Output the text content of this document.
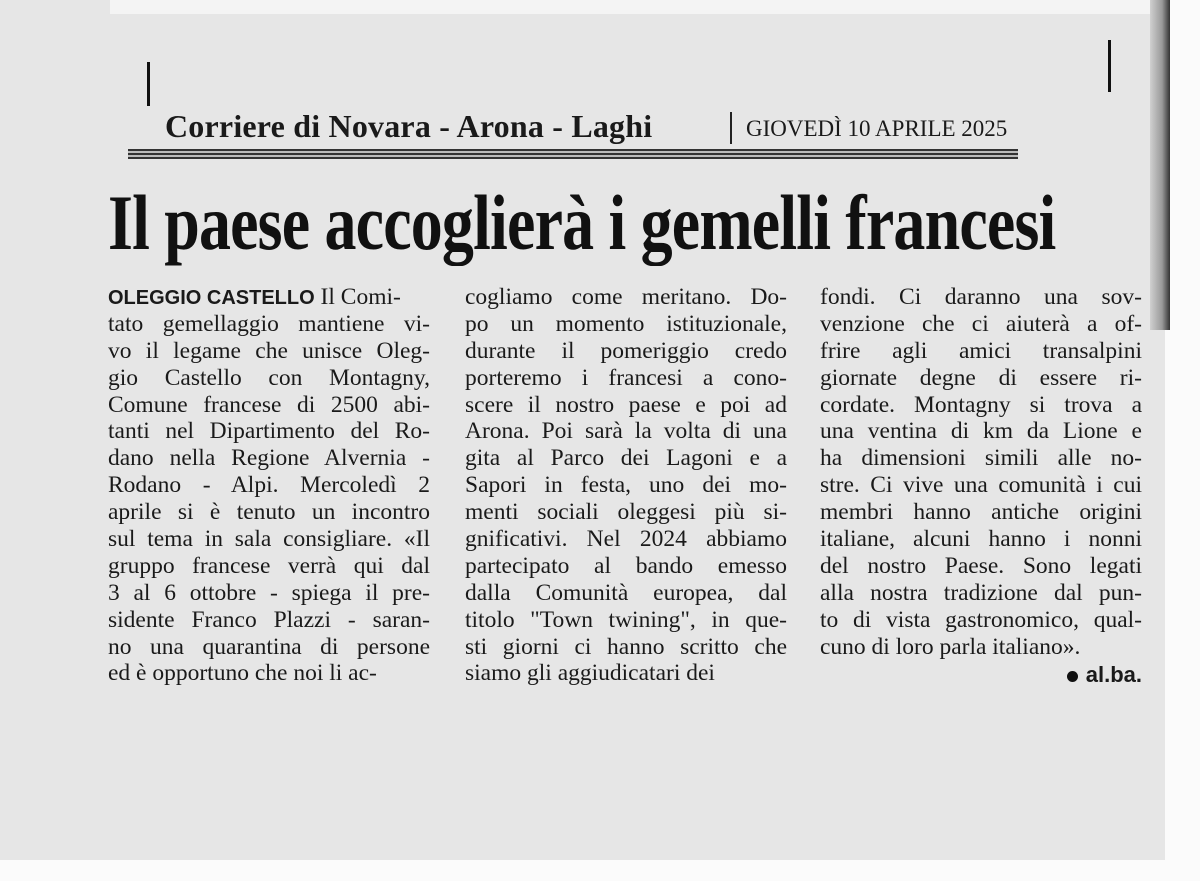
Corriere di Novara - Arona - Laghi	GIOVEDÌ 10 APRILE 2025
Il paese accoglierà i gemelli francesi
OLEGGIO CASTELLO Il Comi-
tato gemellaggio mantiene vi-
vo il legame che unisce Oleg-
gio Castello con Montagny,
Comune francese di 2500 abi-
tanti nel Dipartimento del Ro-
dano nella Regione Alvernia -
Rodano - Alpi. Mercoledì 2
aprile si è tenuto un incontro
sul tema in sala consigliare. «Il
gruppo francese verrà qui dal
3 al 6 ottobre - spiega il pre-
sidente Franco Plazzi - saran-
no una quarantina di persone
ed è opportuno che noi li ac-
cogliamo come meritano. Do-
po un momento istituzionale,
durante il pomeriggio credo
porteremo i francesi a cono-
scere il nostro paese e poi ad
Arona. Poi sarà la volta di una
gita al Parco dei Lagoni e a
Sapori in festa, uno dei mo-
menti sociali oleggesi più si-
gnificativi. Nel 2024 abbiamo
partecipato al bando emesso
dalla Comunità europea, dal
titolo "Town twining", in que-
sti giorni ci hanno scritto che
siamo gli aggiudicatari dei
fondi. Ci daranno una sov-
venzione che ci aiuterà a of-
frire agli amici transalpini
giornate degne di essere ri-
cordate. Montagny si trova a
una ventina di km da Lione e
ha dimensioni simili alle no-
stre. Ci vive una comunità i cui
membri hanno antiche origini
italiane, alcuni hanno i nonni
del nostro Paese. Sono legati
alla nostra tradizione dal pun-
to di vista gastronomico, qual-
cuno di loro parla italiano».
al.ba.
